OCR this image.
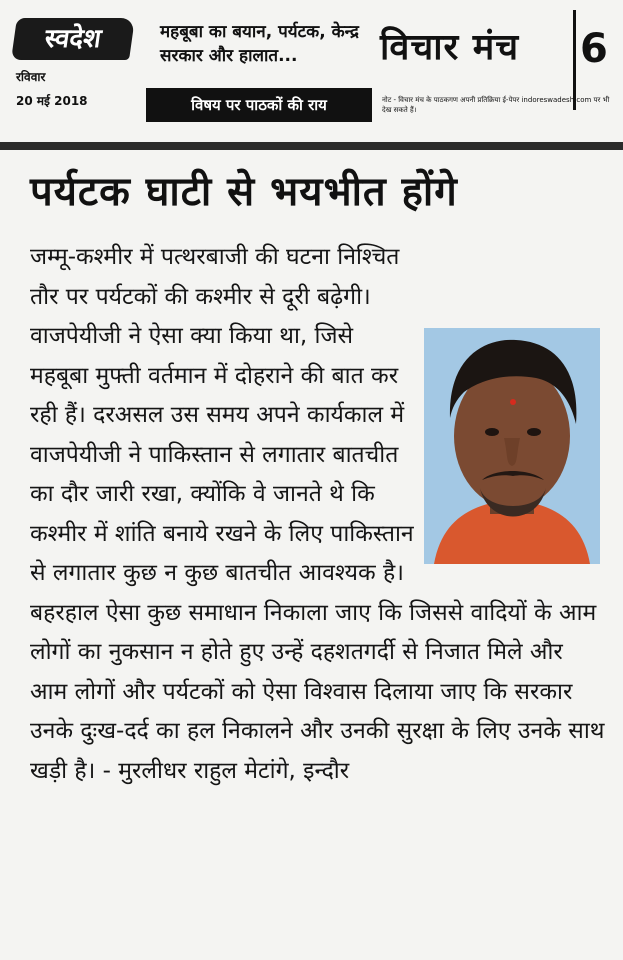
स्वदेश
रविवार
20 मई 2018
महबूबा का बयान, पर्यटक, केन्द्र सरकार और हालात...
विषय पर पाठकों की राय
विचार मंच 6
नोट - विचार मंच के पाठकगण अपनी प्रतिक्रिया ई-पेपर indoreswadesh.com पर भी देख सकते हैं।
पर्यटक घाटी से भयभीत होंगे
जम्मू-कश्मीर में पत्थरबाजी की घटना निश्चित तौर पर पर्यटकों की कश्मीर से दूरी बढ़ेगी। वाजपेयीजी ने ऐसा क्या किया था, जिसे महबूबा मुफ्ती वर्तमान में दोहराने की बात कर रही हैं। दरअसल उस समय अपने कार्यकाल में वाजपेयीजी ने पाकिस्तान से लगातार बातचीत का दौर जारी रखा, क्योंकि वे जानते थे कि कश्मीर में शांति बनाये रखने के लिए पाकिस्तान से लगातार कुछ न कुछ बातचीत आवश्यक है। बहरहाल ऐसा कुछ समाधान निकाला जाए कि जिससे वादियों के आम लोगों का नुकसान न होते हुए उन्हें दहशतगर्दी से निजात मिले और आम लोगों और पर्यटकों को ऐसा विश्वास दिलाया जाए कि सरकार उनके दुःख-दर्द का हल निकालने और उनकी सुरक्षा के लिए उनके साथ खड़ी है। - मुरलीधर राहुल मेटांगे, इन्दौर
